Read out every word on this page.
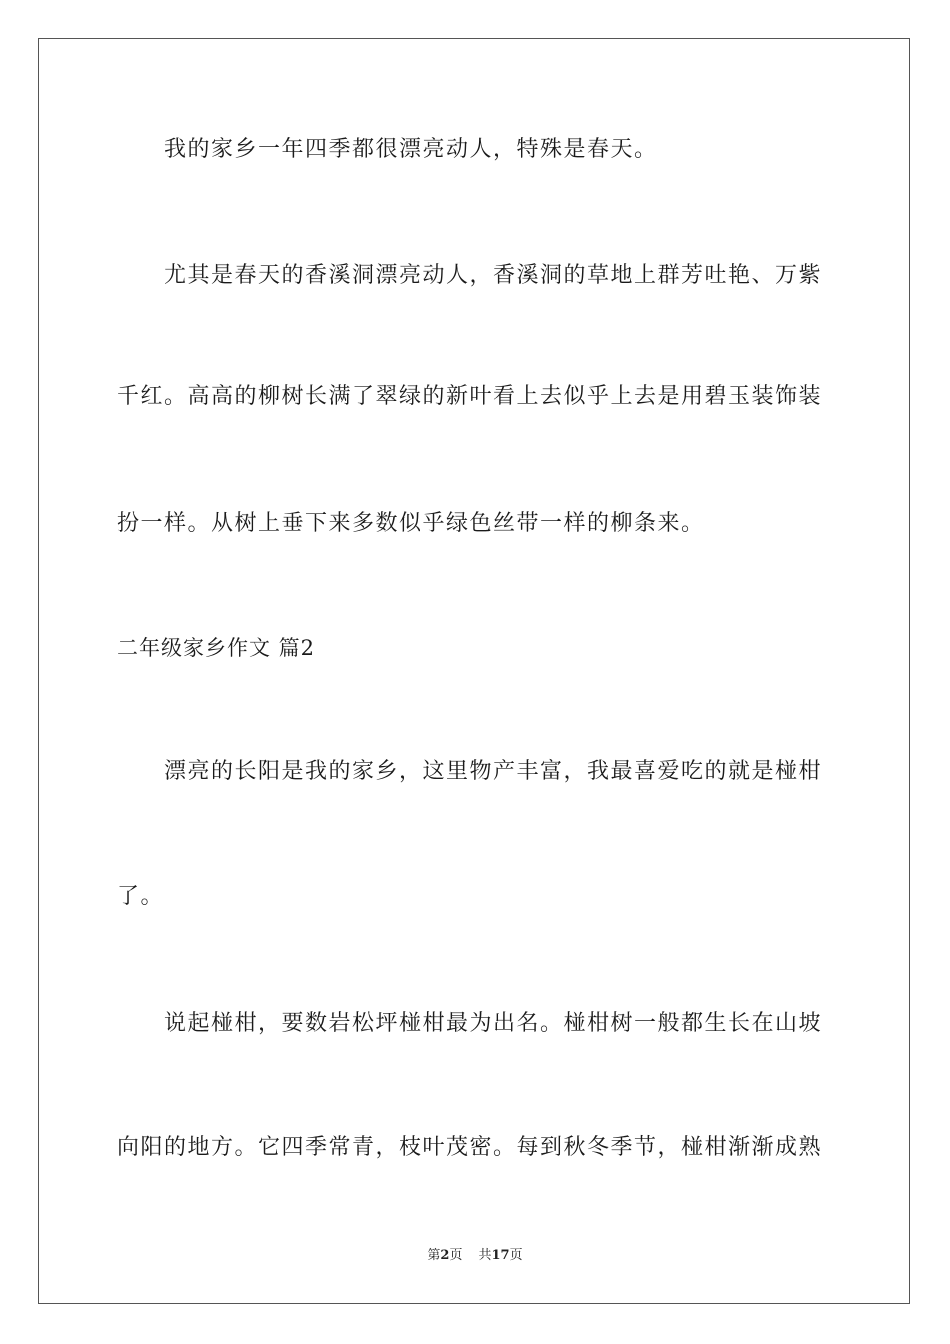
我的家乡一年四季都很漂亮动人，特殊是春天。
尤其是春天的香溪洞漂亮动人，香溪洞的草地上群芳吐艳、万紫
千红。高高的柳树长满了翠绿的新叶看上去似乎上去是用碧玉装饰装
扮一样。从树上垂下来多数似乎绿色丝带一样的柳条来。
二年级家乡作文 篇2
漂亮的长阳是我的家乡，这里物产丰富，我最喜爱吃的就是椪柑
了。
说起椪柑，要数岩松坪椪柑最为出名。椪柑树一般都生长在山坡
向阳的地方。它四季常青，枝叶茂密。每到秋冬季节，椪柑渐渐成熟
第2页 共17页
